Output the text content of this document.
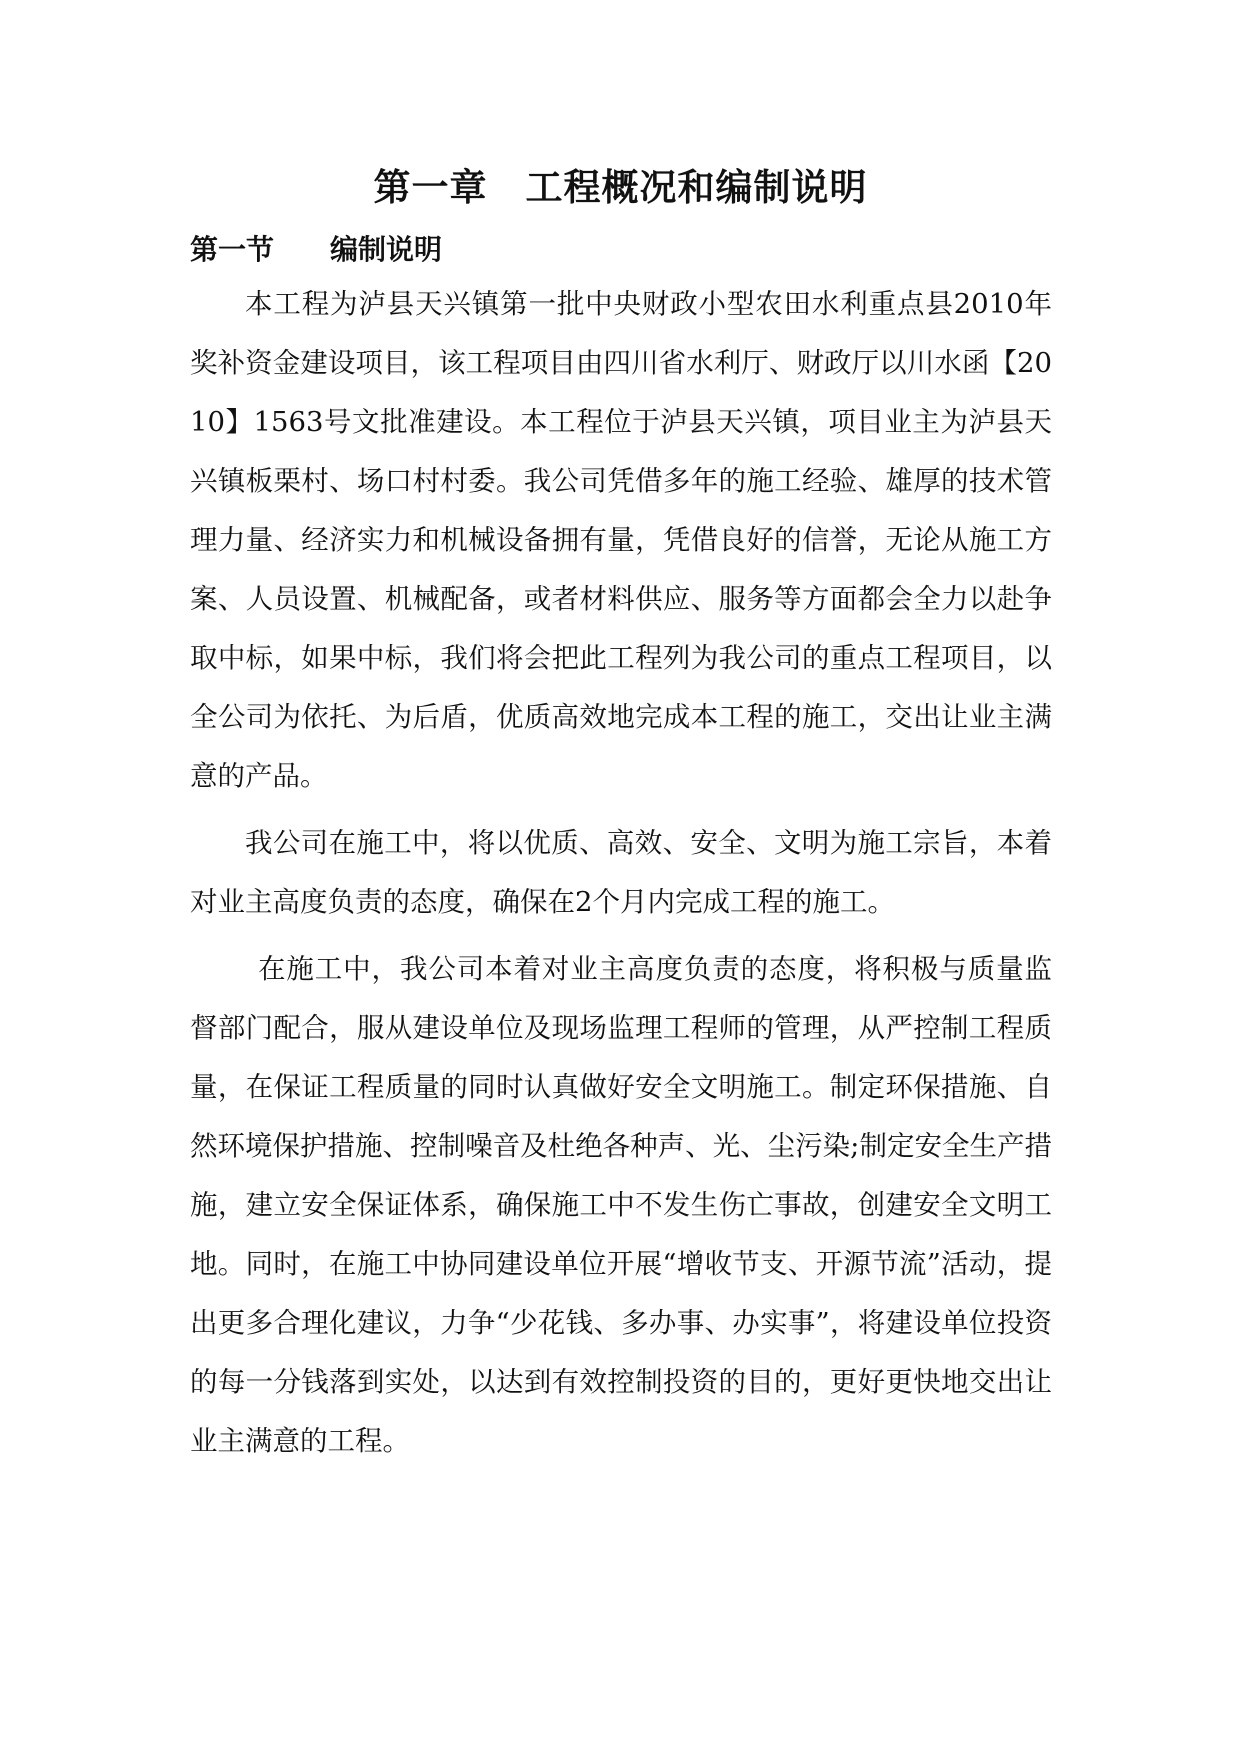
第一章　工程概况和编制说明
第一节　　编制说明

本工程为泸县天兴镇第一批中央财政小型农田水利重点县2010年奖补资金建设项目，该工程项目由四川省水利厅、财政厅以川水函【2010】1563号文批准建设。本工程位于泸县天兴镇，项目业主为泸县天兴镇板栗村、场口村村委。我公司凭借多年的施工经验、雄厚的技术管理力量、经济实力和机械设备拥有量，凭借良好的信誉，无论从施工方案、人员设置、机械配备，或者材料供应、服务等方面都会全力以赴争取中标，如果中标，我们将会把此工程列为我公司的重点工程项目，以全公司为依托、为后盾，优质高效地完成本工程的施工，交出让业主满意的产品。

我公司在施工中，将以优质、高效、安全、文明为施工宗旨，本着对业主高度负责的态度，确保在2个月内完成工程的施工。

在施工中，我公司本着对业主高度负责的态度，将积极与质量监督部门配合，服从建设单位及现场监理工程师的管理，从严控制工程质量，在保证工程质量的同时认真做好安全文明施工。制定环保措施、自然环境保护措施、控制噪音及杜绝各种声、光、尘污染;制定安全生产措施，建立安全保证体系，确保施工中不发生伤亡事故，创建安全文明工地。同时，在施工中协同建设单位开展“增收节支、开源节流”活动，提出更多合理化建议，力争“少花钱、多办事、办实事”，将建设单位投资的每一分钱落到实处，以达到有效控制投资的目的，更好更快地交出让业主满意的工程。
